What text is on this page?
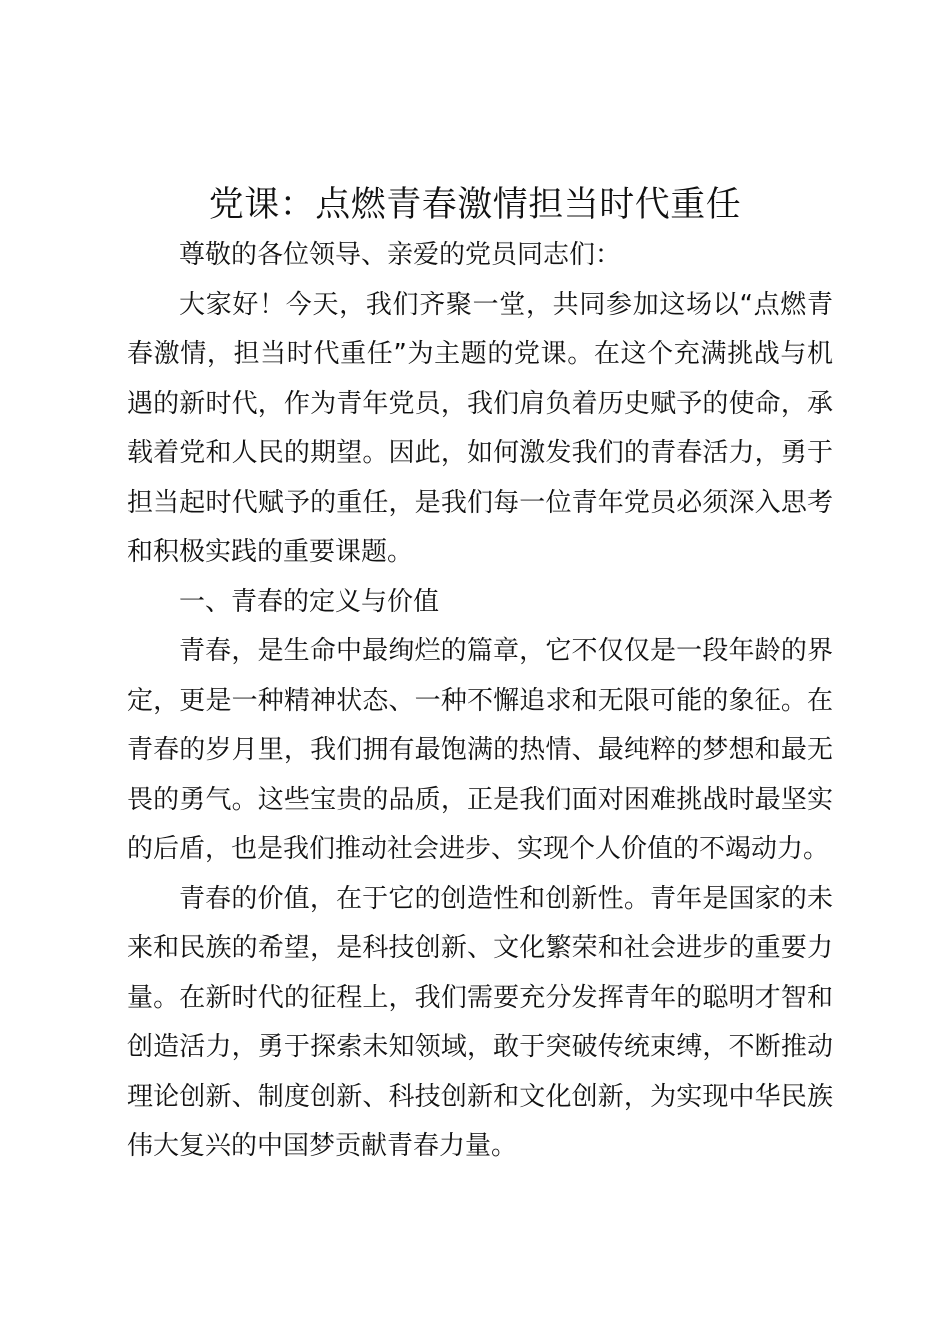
党课：点燃青春激情担当时代重任

尊敬的各位领导、亲爱的党员同志们：

大家好！今天，我们齐聚一堂，共同参加这场以“点燃青春激情，担当时代重任”为主题的党课。在这个充满挑战与机遇的新时代，作为青年党员，我们肩负着历史赋予的使命，承载着党和人民的期望。因此，如何激发我们的青春活力，勇于担当起时代赋予的重任，是我们每一位青年党员必须深入思考和积极实践的重要课题。

一、青春的定义与价值

青春，是生命中最绚烂的篇章，它不仅仅是一段年龄的界定，更是一种精神状态、一种不懈追求和无限可能的象征。在青春的岁月里，我们拥有最饱满的热情、最纯粹的梦想和最无畏的勇气。这些宝贵的品质，正是我们面对困难挑战时最坚实的后盾，也是我们推动社会进步、实现个人价值的不竭动力。

青春的价值，在于它的创造性和创新性。青年是国家的未来和民族的希望，是科技创新、文化繁荣和社会进步的重要力量。在新时代的征程上，我们需要充分发挥青年的聪明才智和创造活力，勇于探索未知领域，敢于突破传统束缚，不断推动理论创新、制度创新、科技创新和文化创新，为实现中华民族伟大复兴的中国梦贡献青春力量。
